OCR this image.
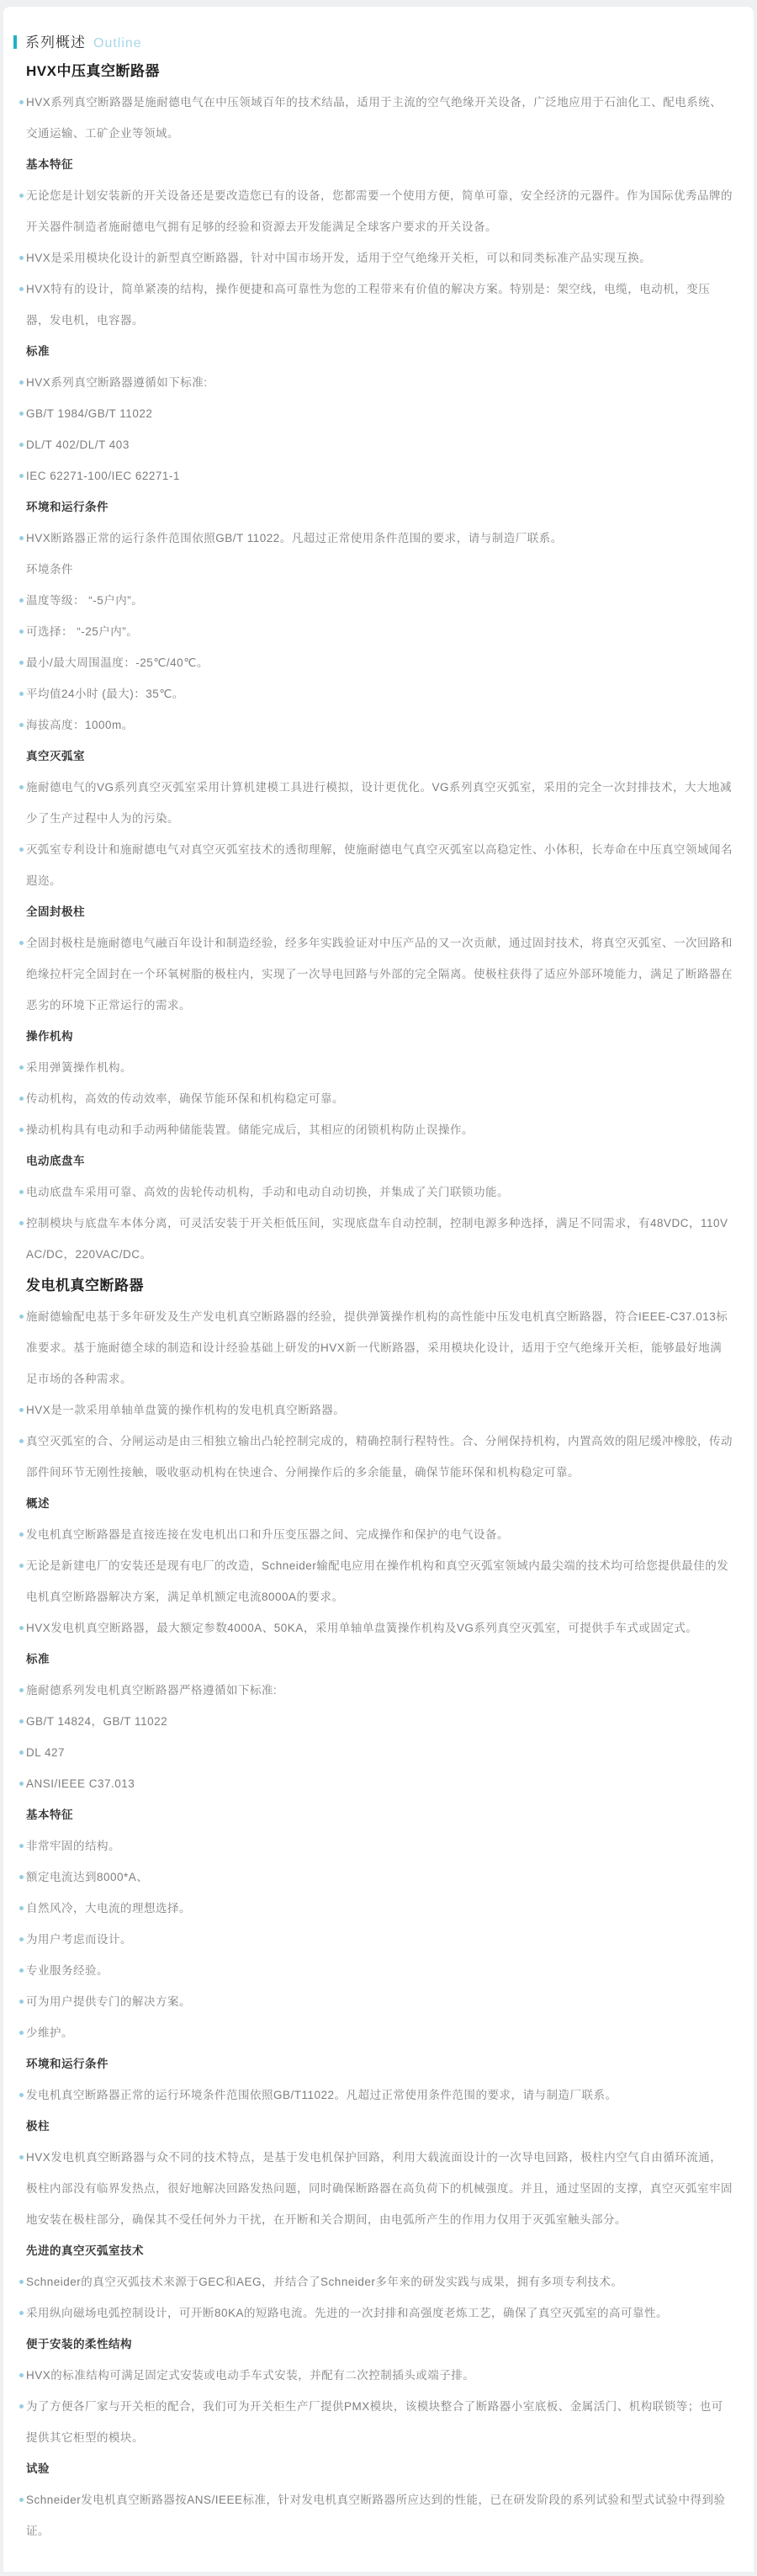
系列概述 Outline
HVX中压真空断路器
HVX系列真空断路器是施耐德电气在中压领域百年的技术结晶，适用于主流的空气绝缘开关设备，广泛地应用于石油化工、配电系统、交通运输、工矿企业等领域。
基本特征
无论您是计划安装新的开关设备还是要改造您已有的设备，您都需要一个使用方便，简单可靠，安全经济的元器件。作为国际优秀品牌的开关器件制造者施耐德电气拥有足够的经验和资源去开发能满足全球客户要求的开关设备。
HVX是采用模块化设计的新型真空断路器，针对中国市场开发，适用于空气绝缘开关柜，可以和同类标准产品实现互换。
HVX特有的设计，简单紧凑的结构，操作便捷和高可靠性为您的工程带来有价值的解决方案。特别是：架空线，电缆，电动机，变压器，发电机，电容器。
标准
HVX系列真空断路器遵循如下标准:
GB/T 1984/GB/T 11022
DL/T 402/DL/T 403
IEC 62271-100/IEC 62271-1
环境和运行条件
HVX断路器正常的运行条件范围依照GB/T 11022。凡超过正常使用条件范围的要求，请与制造厂联系。
环境条件
温度等级： “-5户内”。
可选择： “-25户内”。
最小/最大周围温度：-25℃/40℃。
平均值24小时 (最大)：35℃。
海拔高度：1000m。
真空灭弧室
施耐德电气的VG系列真空灭弧室采用计算机建模工具进行模拟，设计更优化。VG系列真空灭弧室，采用的完全一次封排技术，大大地减少了生产过程中人为的污染。
灭弧室专利设计和施耐德电气对真空灭弧室技术的透彻理解，使施耐德电气真空灭弧室以高稳定性、小体积，长寿命在中压真空领域闻名遐迩。
全固封极柱
全固封极柱是施耐德电气融百年设计和制造经验，经多年实践验证对中压产品的又一次贡献，通过固封技术，将真空灭弧室、一次回路和绝缘拉杆完全固封在一个环氧树脂的极柱内，实现了一次导电回路与外部的完全隔离。使极柱获得了适应外部环境能力，满足了断路器在恶劣的环境下正常运行的需求。
操作机构
采用弹簧操作机构。
传动机构，高效的传动效率，确保节能环保和机构稳定可靠。
操动机构具有电动和手动两种储能装置。储能完成后，其相应的闭锁机构防止误操作。
电动底盘车
电动底盘车采用可靠、高效的齿轮传动机构，手动和电动自动切换，并集成了关门联锁功能。
控制模块与底盘车本体分离，可灵活安装于开关柜低压间，实现底盘车自动控制，控制电源多种选择，满足不同需求，有48VDC，110V AC/DC，220VAC/DC。
发电机真空断路器
施耐德输配电基于多年研发及生产发电机真空断路器的经验，提供弹簧操作机构的高性能中压发电机真空断路器，符合IEEE-C37.013标准要求。基于施耐德全球的制造和设计经验基础上研发的HVX新一代断路器，采用模块化设计，适用于空气绝缘开关柜，能够最好地满足市场的各种需求。
HVX是一款采用单轴单盘簧的操作机构的发电机真空断路器。
真空灭弧室的合、分闸运动是由三相独立输出凸轮控制完成的，精确控制行程特性。合、分闸保持机构，内置高效的阻尼缓冲橡胶，传动部件间环节无刚性接触，吸收驱动机构在快速合、分闸操作后的多余能量，确保节能环保和机构稳定可靠。
概述
发电机真空断路器是直接连接在发电机出口和升压变压器之间、完成操作和保护的电气设备。
无论是新建电厂的安装还是现有电厂的改造，Schneider输配电应用在操作机构和真空灭弧室领域内最尖端的技术均可给您提供最佳的发电机真空断路器解决方案，满足单机额定电流8000A的要求。
HVX发电机真空断路器，最大额定参数4000A、50KA，采用单轴单盘簧操作机构及VG系列真空灭弧室，可提供手车式或固定式。
标准
施耐德系列发电机真空断路器严格遵循如下标准:
GB/T 14824，GB/T 11022
DL 427
ANSI/IEEE C37.013
基本特征
非常牢固的结构。
额定电流达到8000*A、
自然风冷，大电流的理想选择。
为用户考虑而设计。
专业服务经验。
可为用户提供专门的解决方案。
少维护。
环境和运行条件
发电机真空断路器正常的运行环境条件范围依照GB/T11022。凡超过正常使用条件范围的要求，请与制造厂联系。
极柱
HVX发电机真空断路器与众不同的技术特点，是基于发电机保护回路，利用大载流面设计的一次导电回路，极柱内空气自由循环流通，极柱内部没有临界发热点，很好地解决回路发热问题，同时确保断路器在高负荷下的机械强度。并且，通过坚固的支撑，真空灭弧室牢固地安装在极柱部分，确保其不受任何外力干扰，在开断和关合期间，由电弧所产生的作用力仅用于灭弧室触头部分。
先进的真空灭弧室技术
Schneider的真空灭弧技术来源于GEC和AEG，并结合了Schneider多年来的研发实践与成果，拥有多项专利技术。
采用纵向磁场电弧控制设计，可开断80KA的短路电流。先进的一次封排和高强度老炼工艺，确保了真空灭弧室的高可靠性。
便于安装的柔性结构
HVX的标准结构可满足固定式安装或电动手车式安装，并配有二次控制插头或端子排。
为了方便各厂家与开关柜的配合，我们可为开关柜生产厂提供PMX模块，该模块整合了断路器小室底板、金属活门、机构联锁等；也可提供其它柜型的模块。
试验
Schneider发电机真空断路器按ANS/IEEE标准，针对发电机真空断路器所应达到的性能，已在研发阶段的系列试验和型式试验中得到验证。
